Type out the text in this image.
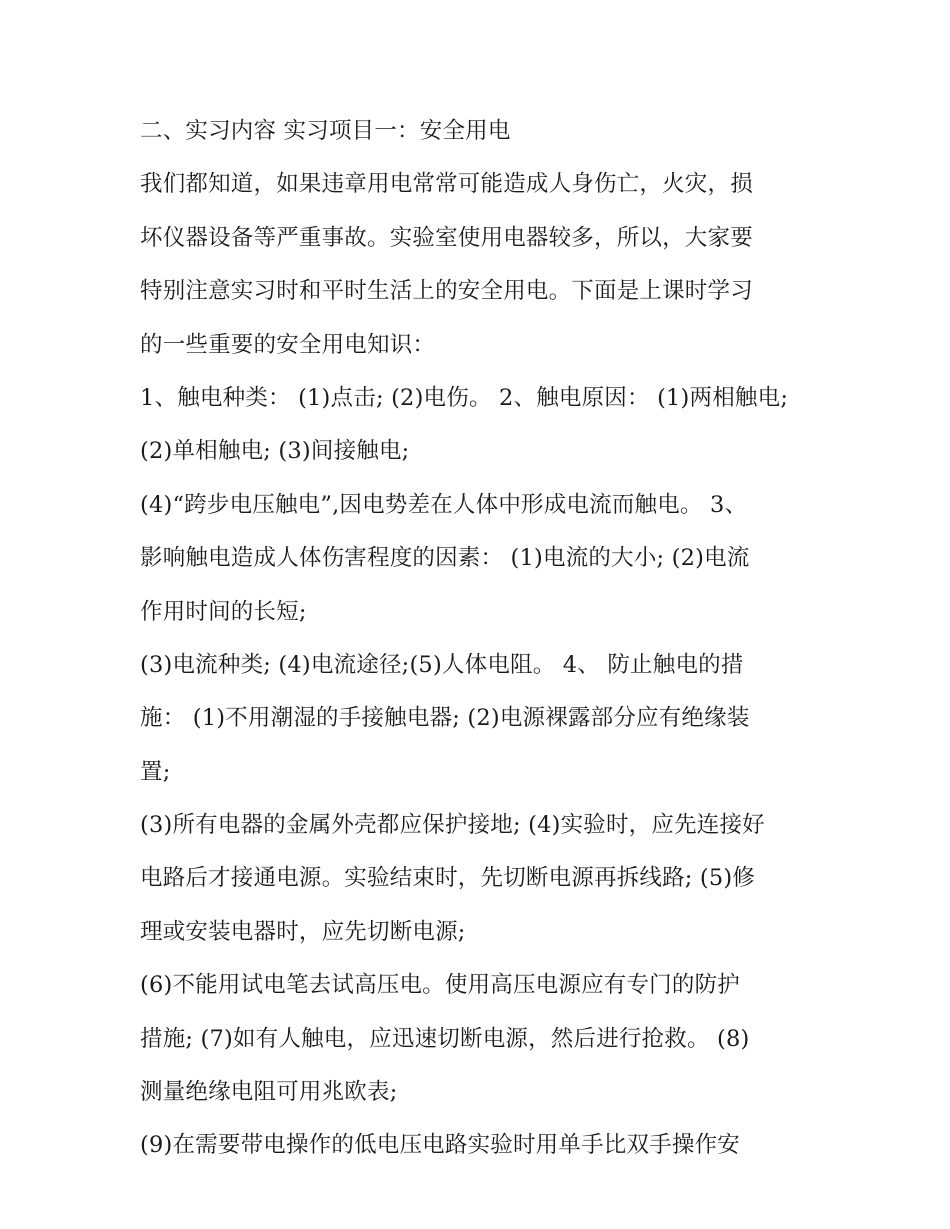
二、实习内容 实习项目一：安全用电
我们都知道，如果违章用电常常可能造成人身伤亡，火灾，损
坏仪器设备等严重事故。实验室使用电器较多，所以，大家要
特别注意实习时和平时生活上的安全用电。下面是上课时学习
的一些重要的安全用电知识：
1、触电种类： (1)点击; (2)电伤。 2、触电原因： (1)两相触电;
(2)单相触电; (3)间接触电;
(4)“跨步电压触电”,因电势差在人体中形成电流而触电。 3、
影响触电造成人体伤害程度的因素： (1)电流的大小; (2)电流
作用时间的长短;
(3)电流种类; (4)电流途径;(5)人体电阻。 4、 防止触电的措
施： (1)不用潮湿的手接触电器; (2)电源裸露部分应有绝缘装
置;
(3)所有电器的金属外壳都应保护接地; (4)实验时，应先连接好
电路后才接通电源。实验结束时，先切断电源再拆线路; (5)修
理或安装电器时，应先切断电源;
(6)不能用试电笔去试高压电。使用高压电源应有专门的防护
措施; (7)如有人触电，应迅速切断电源，然后进行抢救。 (8)
测量绝缘电阻可用兆欧表;
(9)在需要带电操作的低电压电路实验时用单手比双手操作安
